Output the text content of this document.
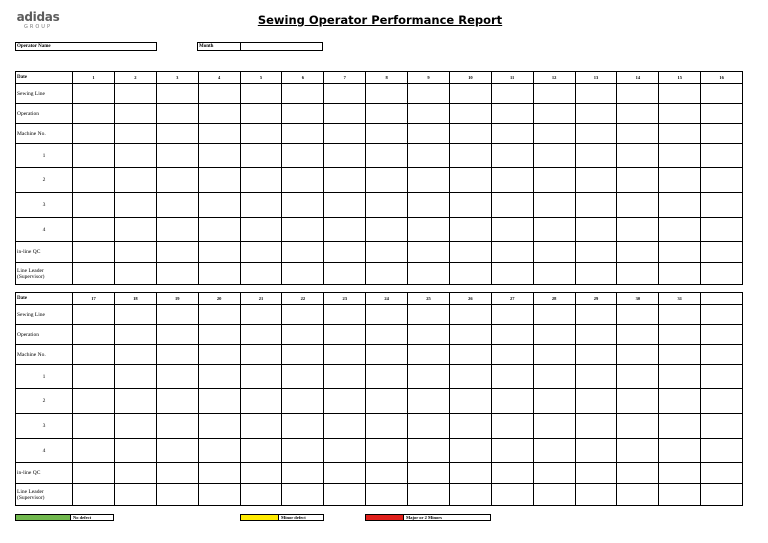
adidas
GROUP	Sewing Operator Performance Report
Operator Name	Month
Date	1	2	3	4	5	6	7	8	9	10	11	12	13	14	15	16
Sewing Line																
Operation																
Machine No.																
1																
2																
3																
4																
in-line QC																
Line Leader (Supervisor)																
Date	17	18	19	20	21	22	23	24	25	26	27	28	29	30	31	
Sewing Line																
Operation																
Machine No.																
1																
2																
3																
4																
in-line QC																
Line Leader (Supervisor)																
No defect	Minor defect	Major or 2 Minors
